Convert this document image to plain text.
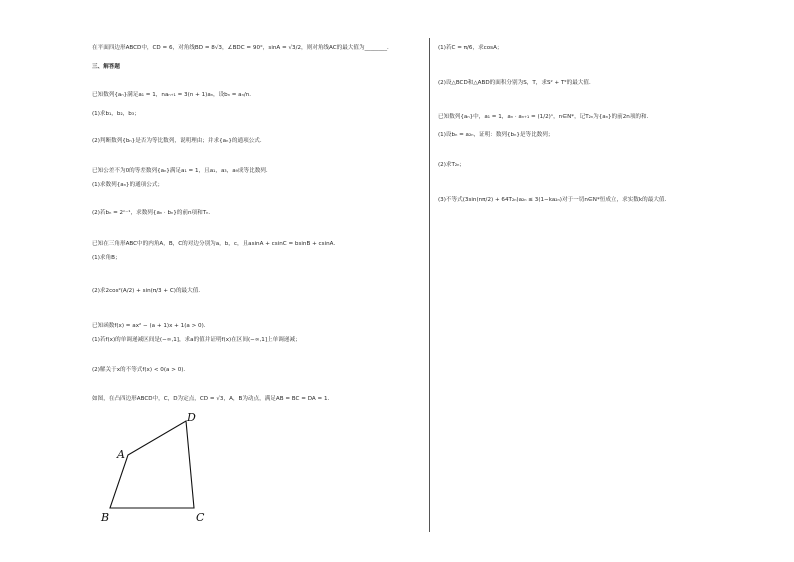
在平面四边形ABCD中，CD = 6，对角线BD = 8√3，∠BDC = 90°，sinA = √3/2，则对角线AC的最大值为________．
三、解答题
已知数列{aₙ}满足a₁ = 1，naₙ₊₁ = 3(n + 1)aₙ，设bₙ = aₙ/n．
(1)求b₁，b₂，b₃；
(2)判断数列{bₙ}是否为等比数列，说明理由；并求{aₙ}的通项公式．
已知公差不为0的等差数列{aₙ}满足a₁ = 1，且a₁，a₃，a₉成等比数列．
(1)求数列{aₙ}的通项公式；
(2)若bₙ = 2ⁿ⁻¹，求数列{aₙ · bₙ}的前n项和Tₙ．
已知在三角形ABC中的内角A，B，C的对边分别为a，b，c，且asinA + csinC = bsinB + csinA．
(1)求角B；
(2)求2cos²(A/2) + sin(π/3 + C)的最大值．
已知函数f(x) = ax² − (a + 1)x + 1(a > 0)．
(1)若f(x)的单调递减区间是(−∞,1]，求a的值并证明f(x)在区间(−∞,1]上单调递减；
(2)解关于x的不等式f(x) < 0(a > 0)．
如图，在凸四边形ABCD中，C，D为定点，CD = √3，A，B为动点，满足AB = BC = DA = 1．
A
B	C
D
(1)若C = π/6，求cosA；
(2)设△BCD和△ABD的面积分别为S，T，求S² + T²的最大值．
已知数列{aₙ}中，a₁ = 1，aₙ · aₙ₊₁ = (1/2)ⁿ，n∈N*，记T₂ₙ为{aₙ}的前2n项的和．
(1)设bₙ = a₂ₙ，证明：数列{bₙ}是等比数列；
(2)求T₂ₙ；
(3)不等式(3sin(nπ/2) + 64T₂ₙ)a₂ₙ ≤ 3(1−ka₂ₙ)对于一切n∈N*恒成立，求实数k的最大值．
